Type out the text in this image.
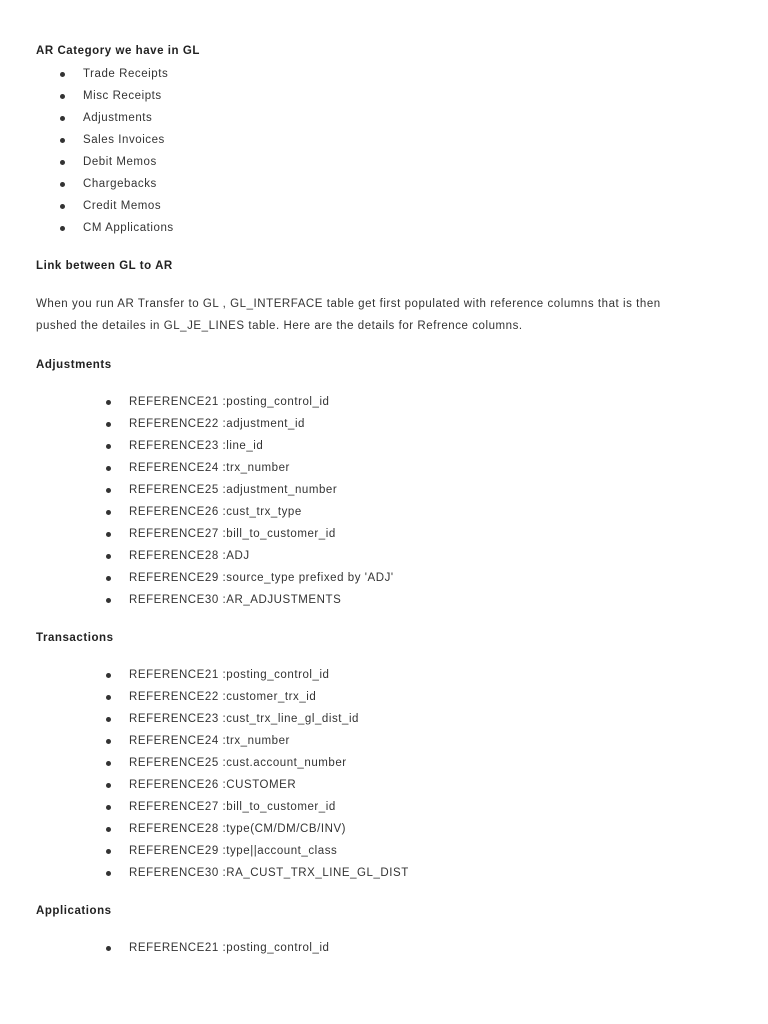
AR Category we have in GL
Trade Receipts
Misc Receipts
Adjustments
Sales Invoices
Debit Memos
Chargebacks
Credit Memos
CM Applications
Link between GL to AR

When you run AR Transfer to GL , GL_INTERFACE table get first populated with reference columns that is then
pushed the detailes in GL_JE_LINES table. Here are the details for Refrence columns.

Adjustments
REFERENCE21 :posting_control_id
REFERENCE22 :adjustment_id
REFERENCE23 :line_id
REFERENCE24 :trx_number
REFERENCE25 :adjustment_number
REFERENCE26 :cust_trx_type
REFERENCE27 :bill_to_customer_id
REFERENCE28 :ADJ
REFERENCE29 :source_type prefixed by 'ADJ'
REFERENCE30 :AR_ADJUSTMENTS
Transactions
REFERENCE21 :posting_control_id
REFERENCE22 :customer_trx_id
REFERENCE23 :cust_trx_line_gl_dist_id
REFERENCE24 :trx_number
REFERENCE25 :cust.account_number
REFERENCE26 :CUSTOMER
REFERENCE27 :bill_to_customer_id
REFERENCE28 :type(CM/DM/CB/INV)
REFERENCE29 :type||account_class
REFERENCE30 :RA_CUST_TRX_LINE_GL_DIST
Applications
REFERENCE21 :posting_control_id
